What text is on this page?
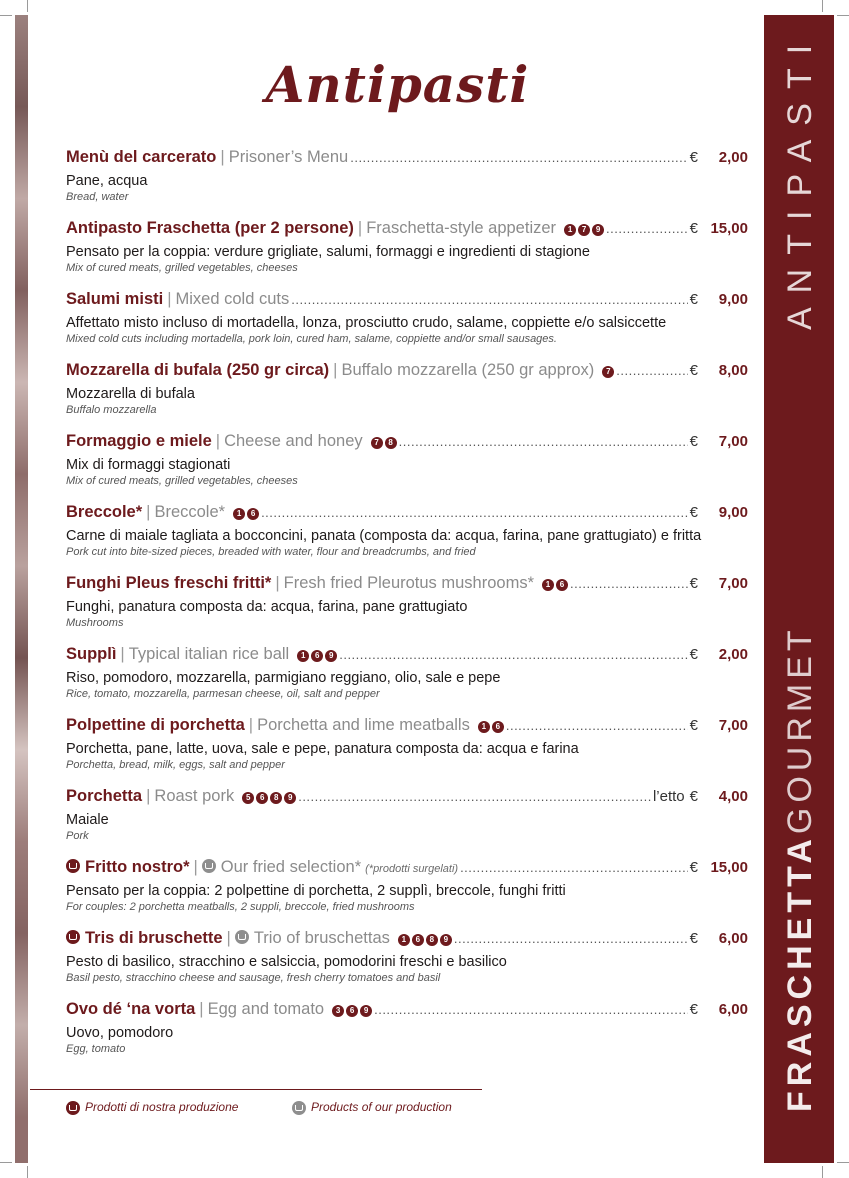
ANTIPASTI
FRASCHETTAGOURMET
Antipasti
Menù del carcerato | Prisoner’s Menu .....	€	2,00
Pane, acqua
Bread, water
Antipasto Fraschetta (per 2 persone) | Fraschetta-style appetizer	1	7	9 .....	€ 15,00
Pensato per la coppia: verdure grigliate, salumi, formaggi e ingredienti di stagione
Mix of cured meats, grilled vegetables, cheeses
Salumi misti | Mixed cold cuts .....	€	9,00
Affettato misto incluso di mortadella, lonza, prosciutto crudo, salame, coppiette e/o salsiccette
Mixed cold cuts including mortadella, pork loin, cured ham, salame, coppiette and/or small sausages.
Mozzarella di bufala (250 gr circa) | Buffalo mozzarella (250 gr approx)	7 .....	€	8,00
Mozzarella di bufala
Buffalo mozzarella
Formaggio e miele | Cheese and honey	7	8 .....	€	7,00
Mix di formaggi stagionati
Mix of cured meats, grilled vegetables, cheeses
Breccole* | Breccole*	1	6 .....	€	9,00
Carne di maiale tagliata a bocconcini, panata (composta da: acqua, farina, pane grattugiato) e fritta
Pork cut into bite-sized pieces, breaded with water, flour and breadcrumbs, and fried
Funghi Pleus freschi fritti* | Fresh fried Pleurotus mushrooms*	1	6 .....	€	7,00
Funghi, panatura composta da: acqua, farina, pane grattugiato
Mushrooms
Supplì | Typical italian rice ball	1	6	9 .....	€	2,00
Riso, pomodoro, mozzarella, parmigiano reggiano, olio, sale e pepe
Rice, tomato, mozzarella, parmesan cheese, oil, salt and pepper
Polpettine di porchetta | Porchetta and lime meatballs	1	6 .....	€	7,00
Porchetta, pane, latte, uova, sale e pepe, panatura composta da: acqua e farina
Porchetta, bread, milk, eggs, salt and pepper
Porchetta | Roast pork	5	6	8	9 .....	l’etto €	4,00
Maiale
Pork
Fritto nostro* | Our fried selection* (*prodotti surgelati) .....	€ 15,00
Pensato per la coppia: 2 polpettine di porchetta, 2 supplì, breccole, funghi fritti
For couples: 2 porchetta meatballs, 2 suppli, breccole, fried mushrooms
Tris di bruschette | Trio of bruschettas	1	6	8	9 .....	€	6,00
Pesto di basilico, stracchino e salsiccia, pomodorini freschi e basilico
Basil pesto, stracchino cheese and sausage, fresh cherry tomatoes and basil
Ovo dé ‘na vorta | Egg and tomato	3	6	9 .....	€	6,00
Uovo, pomodoro
Egg, tomato
Prodotti di nostra produzione	Products of our production
